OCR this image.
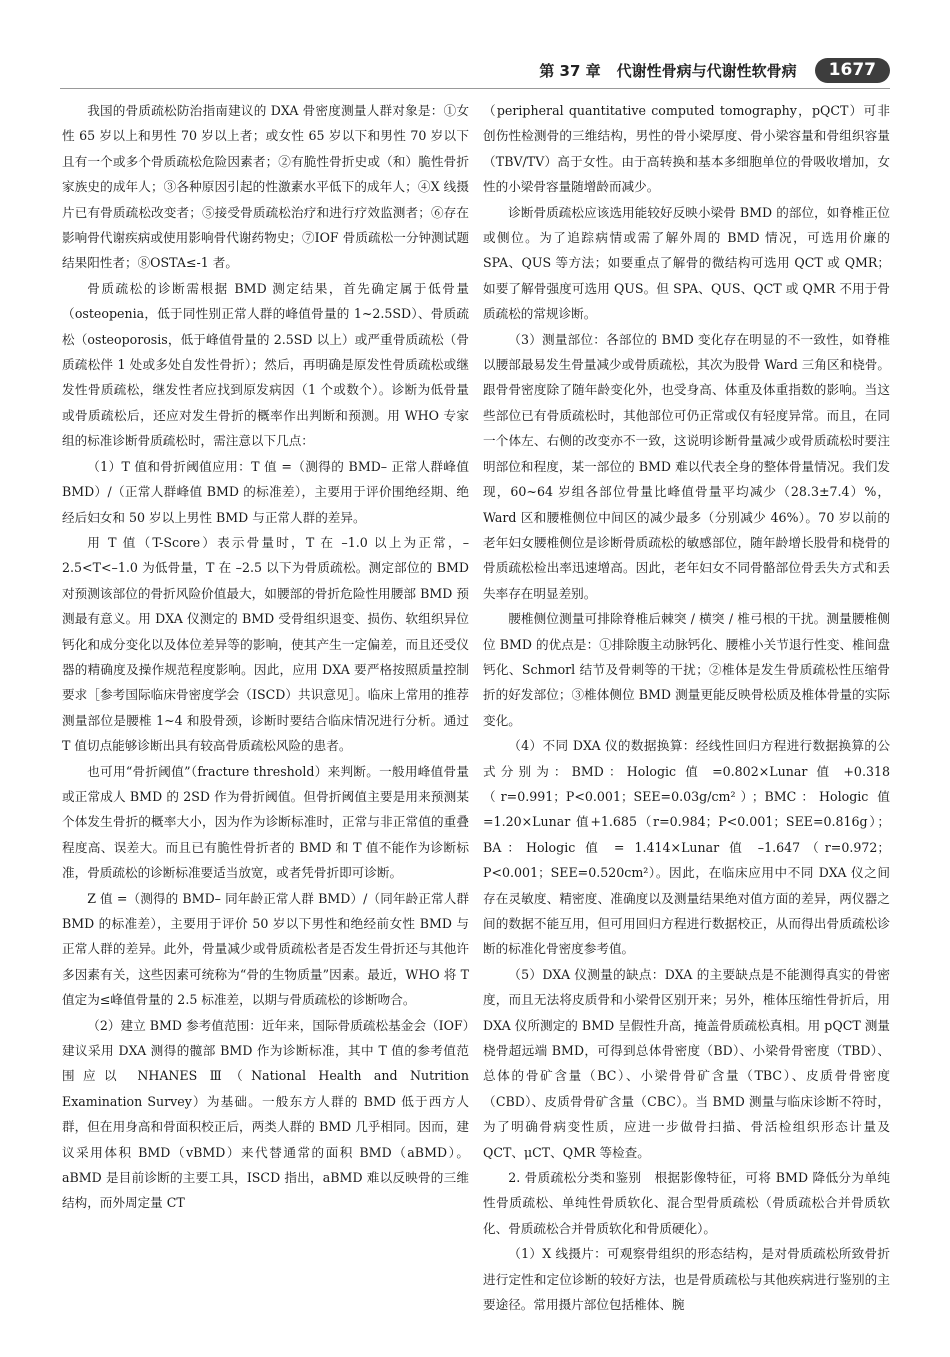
第 37 章 代谢性骨病与代谢性软骨病	1677

我国的骨质疏松防治指南建议的 DXA 骨密度测量人群对象是：①女性 65 岁以上和男性 70 岁以上者；或女性 65 岁以下和男性 70 岁以下且有一个或多个骨质疏松危险因素者；②有脆性骨折史或（和）脆性骨折家族史的成年人；③各种原因引起的性激素水平低下的成年人；④X 线摄片已有骨质疏松改变者；⑤接受骨质疏松治疗和进行疗效监测者；⑥存在影响骨代谢疾病或使用影响骨代谢药物史；⑦IOF 骨质疏松一分钟测试题结果阳性者；⑧OSTA≤-1 者。

骨质疏松的诊断需根据 BMD 测定结果，首先确定属于低骨量（osteopenia，低于同性别正常人群的峰值骨量的 1~2.5SD）、骨质疏松（osteoporosis，低于峰值骨量的 2.5SD 以上）或严重骨质疏松（骨质疏松伴 1 处或多处自发性骨折）；然后，再明确是原发性骨质疏松或继发性骨质疏松，继发性者应找到原发病因（1 个或数个）。诊断为低骨量或骨质疏松后，还应对发生骨折的概率作出判断和预测。用 WHO 专家组的标准诊断骨质疏松时，需注意以下几点：

（1）T 值和骨折阈值应用：T 值 =（测得的 BMD– 正常人群峰值 BMD）/（正常人群峰值 BMD 的标准差），主要用于评价围绝经期、绝经后妇女和 50 岁以上男性 BMD 与正常人群的差异。

用 T 值（T-Score）表示骨量时，T 在 –1.0 以上为正常，–2.5<T<–1.0 为低骨量，T 在 –2.5 以下为骨质疏松。测定部位的 BMD 对预测该部位的骨折风险价值最大，如腰部的骨折危险性用腰部 BMD 预测最有意义。用 DXA 仪测定的 BMD 受骨组织退变、损伤、软组织异位钙化和成分变化以及体位差异等的影响，使其产生一定偏差，而且还受仪器的精确度及操作规范程度影响。因此，应用 DXA 要严格按照质量控制要求［参考国际临床骨密度学会（ISCD）共识意见］。临床上常用的推荐测量部位是腰椎 1~4 和股骨颈，诊断时要结合临床情况进行分析。通过 T 值切点能够诊断出具有较高骨质疏松风险的患者。

也可用“骨折阈值”（fracture threshold）来判断。一般用峰值骨量或正常成人 BMD 的 2SD 作为骨折阈值。但骨折阈值主要是用来预测某个体发生骨折的概率大小，因为作为诊断标准时，正常与非正常值的重叠程度高、误差大。而且已有脆性骨折者的 BMD 和 T 值不能作为诊断标准，骨质疏松的诊断标准要适当放宽，或者凭骨折即可诊断。

Z 值 =（测得的 BMD– 同年龄正常人群 BMD）/（同年龄正常人群 BMD 的标准差），主要用于评价 50 岁以下男性和绝经前女性 BMD 与正常人群的差异。此外，骨量减少或骨质疏松者是否发生骨折还与其他许多因素有关，这些因素可统称为“骨的生物质量”因素。最近，WHO 将 T 值定为≤峰值骨量的 2.5 标准差，以期与骨质疏松的诊断吻合。

（2）建立 BMD 参考值范围：近年来，国际骨质疏松基金会（IOF）建议采用 DXA 测得的髋部 BMD 作为诊断标准，其中 T 值的参考值范围应以 NHANES Ⅲ（National Health and Nutrition Examination Survey）为基础。一般东方人群的 BMD 低于西方人群，但在用身高和骨面积校正后，两类人群的 BMD 几乎相同。因而，建议采用体积 BMD（vBMD）来代替通常的面积 BMD（aBMD）。aBMD 是目前诊断的主要工具，ISCD 指出，aBMD 难以反映骨的三维结构，而外周定量 CT

（peripheral quantitative computed tomography，pQCT）可非创伤性检测骨的三维结构，男性的骨小梁厚度、骨小梁容量和骨组织容量（TBV/TV）高于女性。由于高转换和基本多细胞单位的骨吸收增加，女性的小梁骨容量随增龄而减少。

诊断骨质疏松应该选用能较好反映小梁骨 BMD 的部位，如脊椎正位或侧位。为了追踪病情或需了解外周的 BMD 情况，可选用价廉的 SPA、QUS 等方法；如要重点了解骨的微结构可选用 QCT 或 QMR；如要了解骨强度可选用 QUS。但 SPA、QUS、QCT 或 QMR 不用于骨质疏松的常规诊断。

（3）测量部位：各部位的 BMD 变化存在明显的不一致性，如脊椎以腰部最易发生骨量减少或骨质疏松，其次为股骨 Ward 三角区和桡骨。跟骨骨密度除了随年龄变化外，也受身高、体重及体重指数的影响。当这些部位已有骨质疏松时，其他部位可仍正常或仅有轻度异常。而且，在同一个体左、右侧的改变亦不一致，这说明诊断骨量减少或骨质疏松时要注明部位和程度，某一部位的 BMD 难以代表全身的整体骨量情况。我们发现，60~64 岁组各部位骨量比峰值骨量平均减少（28.3±7.4）%，Ward 区和腰椎侧位中间区的减少最多（分别减少 46%）。70 岁以前的老年妇女腰椎侧位是诊断骨质疏松的敏感部位，随年龄增长股骨和桡骨的骨质疏松检出率迅速增高。因此，老年妇女不同骨骼部位骨丢失方式和丢失率存在明显差别。

腰椎侧位测量可排除脊椎后棘突 / 横突 / 椎弓根的干扰。测量腰椎侧位 BMD 的优点是：①排除腹主动脉钙化、腰椎小关节退行性变、椎间盘钙化、Schmorl 结节及骨刺等的干扰；②椎体是发生骨质疏松性压缩骨折的好发部位；③椎体侧位 BMD 测量更能反映骨松质及椎体骨量的实际变化。

（4）不同 DXA 仪的数据换算：经线性回归方程进行数据换算的公式分别为：BMD：Hologic 值 =0.802×Lunar 值 +0.318（r=0.991；P<0.001；SEE=0.03g/cm²）；BMC：Hologic 值=1.20×Lunar 值+1.685（r=0.984；P<0.001；SEE=0.816g）；BA：Hologic 值 = 1.414×Lunar 值 –1.647（r=0.972；P<0.001；SEE=0.520cm²）。因此，在临床应用中不同 DXA 仪之间存在灵敏度、精密度、准确度以及测量结果绝对值方面的差异，两仪器之间的数据不能互用，但可用回归方程进行数据校正，从而得出骨质疏松诊断的标准化骨密度参考值。

（5）DXA 仪测量的缺点：DXA 的主要缺点是不能测得真实的骨密度，而且无法将皮质骨和小梁骨区别开来；另外，椎体压缩性骨折后，用 DXA 仪所测定的 BMD 呈假性升高，掩盖骨质疏松真相。用 pQCT 测量桡骨超远端 BMD，可得到总体骨密度（BD）、小梁骨骨密度（TBD）、总体的骨矿含量（BC）、小梁骨骨矿含量（TBC）、皮质骨骨密度（CBD）、皮质骨骨矿含量（CBC）。当 BMD 测量与临床诊断不符时，为了明确骨病变性质，应进一步做骨扫描、骨活检组织形态计量及 QCT、μCT、QMR 等检查。

2. 骨质疏松分类和鉴别　根据影像特征，可将 BMD 降低分为单纯性骨质疏松、单纯性骨质软化、混合型骨质疏松（骨质疏松合并骨质软化、骨质疏松合并骨质软化和骨质硬化）。

（1）X 线摄片：可观察骨组织的形态结构，是对骨质疏松所致骨折进行定性和定位诊断的较好方法，也是骨质疏松与其他疾病进行鉴别的主要途径。常用摄片部位包括椎体、腕
